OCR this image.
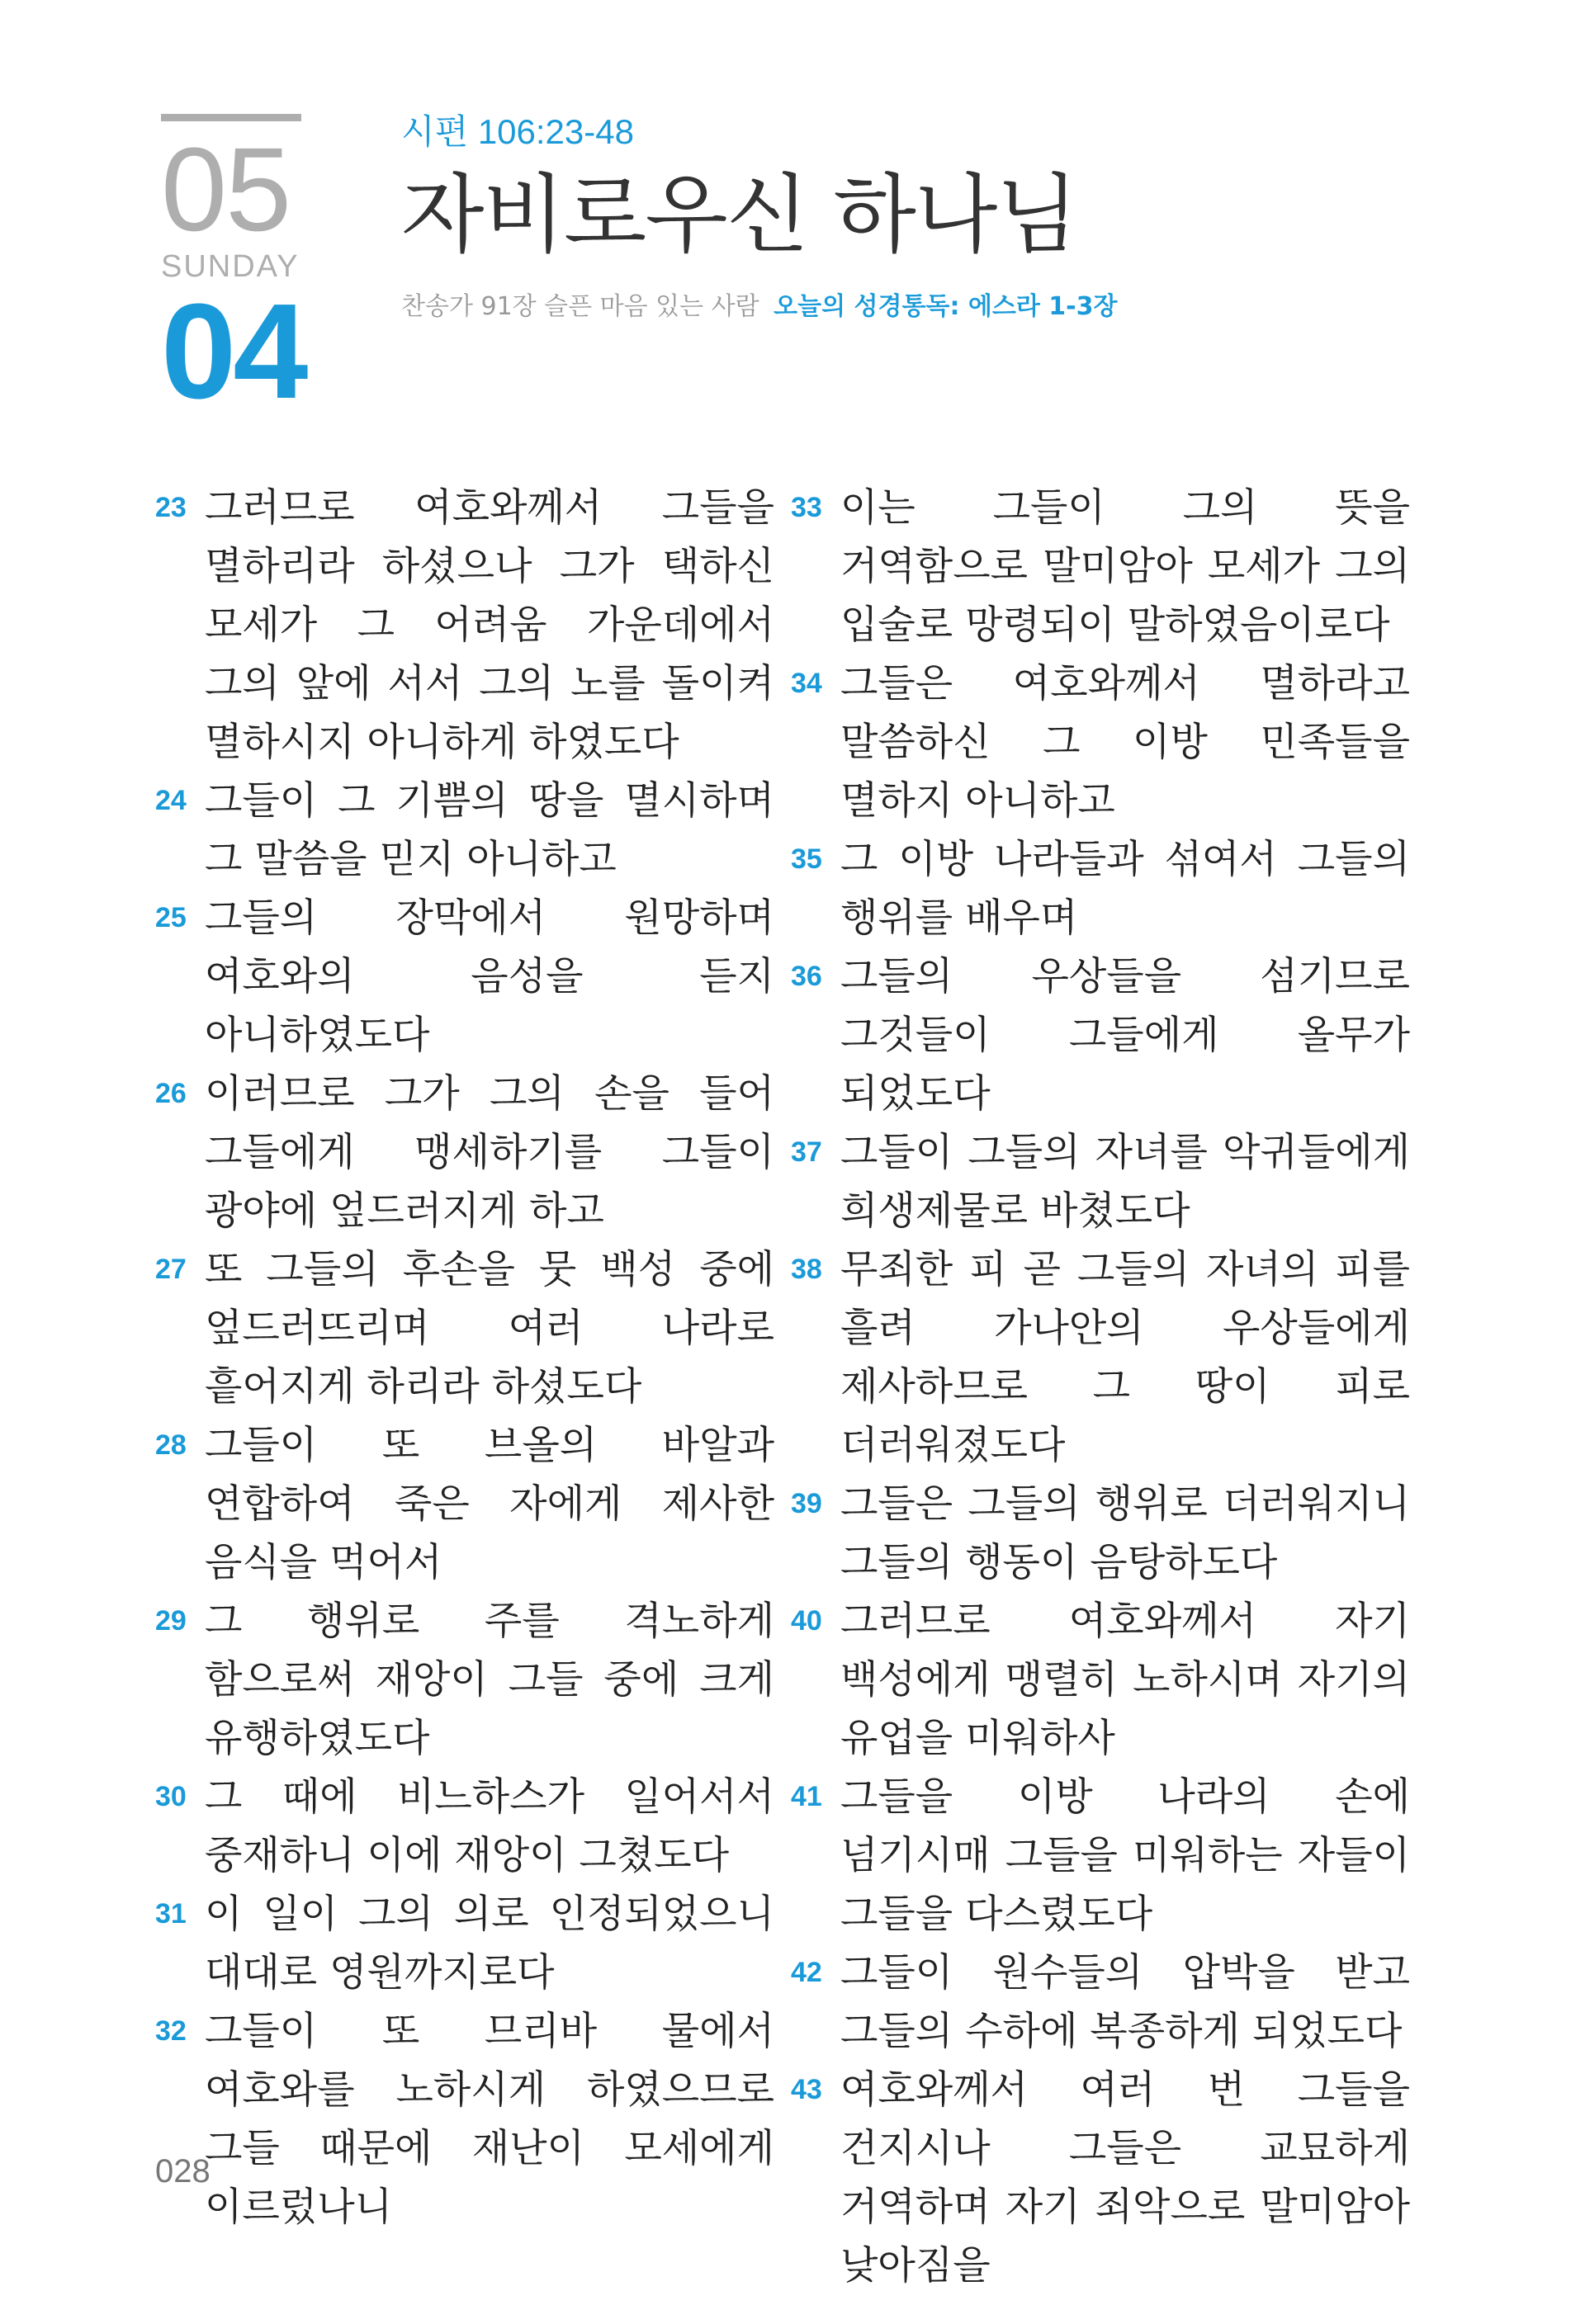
05
SUNDAY
04
시편 106:23-48
자비로우신 하나님
찬송가 91장 슬픈 마음 있는 사람 오늘의 성경통독: 에스라 1-3장
23 그러므로 여호와께서 그들을 멸하리라 하셨으나 그가 택하신 모세가 그 어려움 가운데에서 그의 앞에 서서 그의 노를 돌이켜 멸하시지 아니하게 하였도다
24 그들이 그 기쁨의 땅을 멸시하며 그 말씀을 믿지 아니하고
25 그들의 장막에서 원망하며 여호와의 음성을 듣지 아니하였도다
26 이러므로 그가 그의 손을 들어 그들에게 맹세하기를 그들이 광야에 엎드러지게 하고
27 또 그들의 후손을 뭇 백성 중에 엎드러뜨리며 여러 나라로 흩어지게 하리라 하셨도다
28 그들이 또 브올의 바알과 연합하여 죽은 자에게 제사한 음식을 먹어서
29 그 행위로 주를 격노하게 함으로써 재앙이 그들 중에 크게 유행하였도다
30 그 때에 비느하스가 일어서서 중재하니 이에 재앙이 그쳤도다
31 이 일이 그의 의로 인정되었으니 대대로 영원까지로다
32 그들이 또 므리바 물에서 여호와를 노하시게 하였으므로 그들 때문에 재난이 모세에게 이르렀나니
33 이는 그들이 그의 뜻을 거역함으로 말미암아 모세가 그의 입술로 망령되이 말하였음이로다
34 그들은 여호와께서 멸하라고 말씀하신 그 이방 민족들을 멸하지 아니하고
35 그 이방 나라들과 섞여서 그들의 행위를 배우며
36 그들의 우상들을 섬기므로 그것들이 그들에게 올무가 되었도다
37 그들이 그들의 자녀를 악귀들에게 희생제물로 바쳤도다
38 무죄한 피 곧 그들의 자녀의 피를 흘려 가나안의 우상들에게 제사하므로 그 땅이 피로 더러워졌도다
39 그들은 그들의 행위로 더러워지니 그들의 행동이 음탕하도다
40 그러므로 여호와께서 자기 백성에게 맹렬히 노하시며 자기의 유업을 미워하사
41 그들을 이방 나라의 손에 넘기시매 그들을 미워하는 자들이 그들을 다스렸도다
42 그들이 원수들의 압박을 받고 그들의 수하에 복종하게 되었도다
43 여호와께서 여러 번 그들을 건지시나 그들은 교묘하게 거역하며 자기 죄악으로 말미암아 낮아짐을
028
